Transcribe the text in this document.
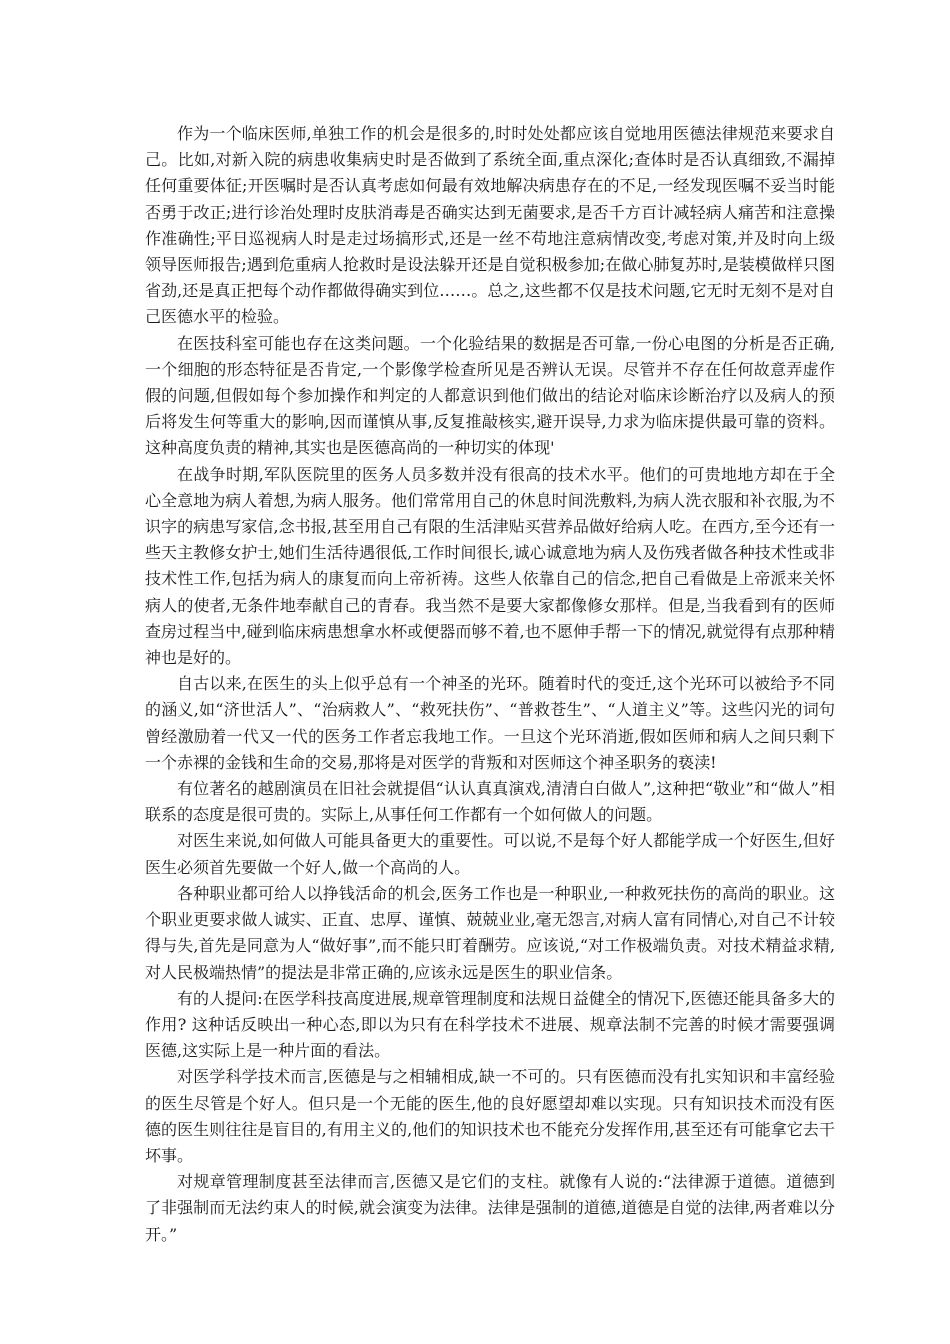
作为一个临床医师,单独工作的机会是很多的,时时处处都应该自觉地用医德法律规范来要求自己。比如,对新入院的病患收集病史时是否做到了系统全面,重点深化;查体时是否认真细致,不漏掉任何重要体征;开医嘱时是否认真考虑如何最有效地解决病患存在的不足,一经发现医嘱不妥当时能否勇于改正;进行诊治处理时皮肤消毒是否确实达到无菌要求,是否千方百计减轻病人痛苦和注意操作准确性;平日巡视病人时是走过场搞形式,还是一丝不苟地注意病情改变,考虑对策,并及时向上级领导医师报告;遇到危重病人抢救时是设法躲开还是自觉积极参加;在做心肺复苏时,是装模做样只图省劲,还是真正把每个动作都做得确实到位……。总之,这些都不仅是技术问题,它无时无刻不是对自己医德水平的检验。

在医技科室可能也存在这类问题。一个化验结果的数据是否可靠,一份心电图的分析是否正确,一个细胞的形态特征是否肯定,一个影像学检查所见是否辨认无误。尽管并不存在任何故意弄虚作假的问题,但假如每个参加操作和判定的人都意识到他们做出的结论对临床诊断治疗以及病人的预后将发生何等重大的影响,因而谨慎从事,反复推敲核实,避开误导,力求为临床提供最可靠的资料。这种高度负责的精神,其实也是医德高尚的一种切实的体现'

在战争时期,军队医院里的医务人员多数并没有很高的技术水平。他们的可贵地地方却在于全心全意地为病人着想,为病人服务。他们常常用自己的休息时间洗敷料,为病人洗衣服和补衣服,为不识字的病患写家信,念书报,甚至用自己有限的生活津贴买营养品做好给病人吃。在西方,至今还有一些天主教修女护士,她们生活待遇很低,工作时间很长,诚心诚意地为病人及伤残者做各种技术性或非技术性工作,包括为病人的康复而向上帝祈祷。这些人依靠自己的信念,把自己看做是上帝派来关怀病人的使者,无条件地奉献自己的青春。我当然不是要大家都像修女那样。但是,当我看到有的医师查房过程当中,碰到临床病患想拿水杯或便器而够不着,也不愿伸手帮一下的情况,就觉得有点那种精神也是好的。

自古以来,在医生的头上似乎总有一个神圣的光环。随着时代的变迁,这个光环可以被给予不同的涵义,如“济世活人”、“治病救人”、“救死扶伤”、“普救苍生”、“人道主义”等。这些闪光的词句曾经激励着一代又一代的医务工作者忘我地工作。一旦这个光环消逝,假如医师和病人之间只剩下一个赤裸的金钱和生命的交易,那将是对医学的背叛和对医师这个神圣职务的亵渎!

有位著名的越剧演员在旧社会就提倡“认认真真演戏,清清白白做人”,这种把“敬业”和“做人”相联系的态度是很可贵的。实际上,从事任何工作都有一个如何做人的问题。

对医生来说,如何做人可能具备更大的重要性。可以说,不是每个好人都能学成一个好医生,但好医生必须首先要做一个好人,做一个高尚的人。

各种职业都可给人以挣钱活命的机会,医务工作也是一种职业,一种救死扶伤的高尚的职业。这个职业更要求做人诚实、正直、忠厚、谨慎、兢兢业业,毫无怨言,对病人富有同情心,对自己不计较得与失,首先是同意为人“做好事”,而不能只盯着酬劳。应该说,“对工作极端负责。对技术精益求精,对人民极端热情”的提法是非常正确的,应该永远是医生的职业信条。

有的人提问:在医学科技高度进展,规章管理制度和法规日益健全的情况下,医德还能具备多大的作用? 这种话反映出一种心态,即以为只有在科学技术不进展、规章法制不完善的时候才需要强调医德,这实际上是一种片面的看法。

对医学科学技术而言,医德是与之相辅相成,缺一不可的。只有医德而没有扎实知识和丰富经验的医生尽管是个好人。但只是一个无能的医生,他的良好愿望却难以实现。只有知识技术而没有医德的医生则往往是盲目的,有用主义的,他们的知识技术也不能充分发挥作用,甚至还有可能拿它去干坏事。

对规章管理制度甚至法律而言,医德又是它们的支柱。就像有人说的:“法律源于道德。道德到了非强制而无法约束人的时候,就会演变为法律。法律是强制的道德,道德是自觉的法律,两者难以分开。”
